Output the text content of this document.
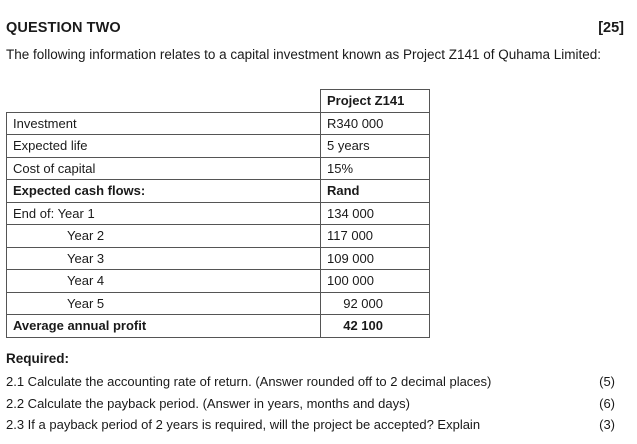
QUESTION TWO	[25]
The following information relates to a capital investment known as Project Z141 of Quhama Limited:
	Project Z141
Investment	R340 000
Expected life	5 years
Cost of capital	15%
Expected cash flows:	Rand
End of: Year 1	134 000
Year 2	117 000
Year 3	109 000
Year 4	100 000
Year 5	92 000
Average annual profit	42 100
Required:
2.1 Calculate the accounting rate of return. (Answer rounded off to 2 decimal places)	(5)
2.2 Calculate the payback period. (Answer in years, months and days)	(6)
2.3 If a payback period of 2 years is required, will the project be accepted? Explain	(3)
